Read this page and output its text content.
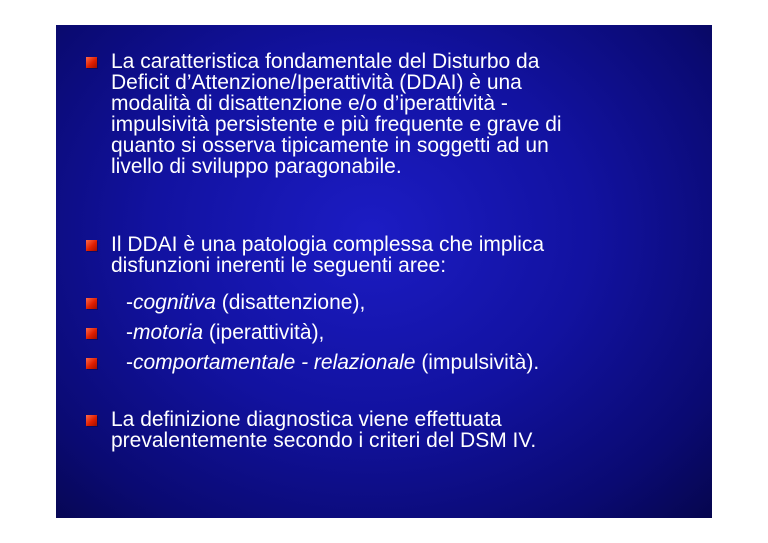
La caratteristica fondamentale del Disturbo da
Deficit d’Attenzione/Iperattività (DDAI) è una
modalità di disattenzione e/o d’iperattività -
impulsività persistente e più frequente e grave di
quanto si osserva tipicamente in soggetti ad un
livello di sviluppo paragonabile.
Il DDAI è una patologia complessa che implica
disfunzioni inerenti le seguenti aree:
-cognitiva (disattenzione),
-motoria (iperattività),
-comportamentale - relazionale (impulsività).
La definizione diagnostica viene effettuata
prevalentemente secondo i criteri del DSM IV.
